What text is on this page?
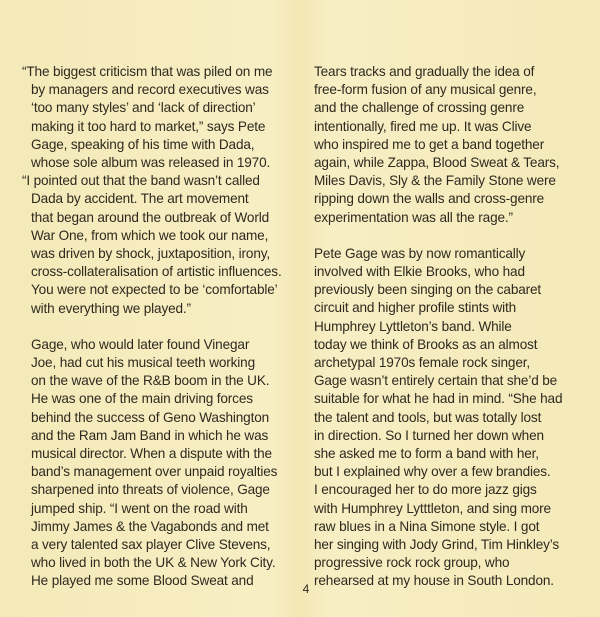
“The biggest criticism that was piled on me
by managers and record executives was
‘too many styles’ and ‘lack of direction’
making it too hard to market,” says Pete
Gage, speaking of his time with Dada,
whose sole album was released in 1970.
“I pointed out that the band wasn’t called
Dada by accident. The art movement
that began around the outbreak of World
War One, from which we took our name,
was driven by shock, juxtaposition, irony,
cross-collateralisation of artistic influences.
You were not expected to be ‘comfortable’
with everything we played.”
Gage, who would later found Vinegar
Joe, had cut his musical teeth working
on the wave of the R&B boom in the UK.
He was one of the main driving forces
behind the success of Geno Washington
and the Ram Jam Band in which he was
musical director. When a dispute with the
band’s management over unpaid royalties
sharpened into threats of violence, Gage
jumped ship. “I went on the road with
Jimmy James & the Vagabonds and met
a very talented sax player Clive Stevens,
who lived in both the UK & New York City.
He played me some Blood Sweat and
Tears tracks and gradually the idea of
free-form fusion of any musical genre,
and the challenge of crossing genre
intentionally, fired me up. It was Clive
who inspired me to get a band together
again, while Zappa, Blood Sweat & Tears,
Miles Davis, Sly & the Family Stone were
ripping down the walls and cross-genre
experimentation was all the rage.”
Pete Gage was by now romantically
involved with Elkie Brooks, who had
previously been singing on the cabaret
circuit and higher profile stints with
Humphrey Lyttleton’s band. While
today we think of Brooks as an almost
archetypal 1970s female rock singer,
Gage wasn’t entirely certain that she’d be
suitable for what he had in mind. “She had
the talent and tools, but was totally lost
in direction. So I turned her down when
she asked me to form a band with her,
but I explained why over a few brandies.
I encouraged her to do more jazz gigs
with Humphrey Lytttleton, and sing more
raw blues in a Nina Simone style. I got
her singing with Jody Grind, Tim Hinkley’s
progressive rock rock group, who
rehearsed at my house in South London.
4
